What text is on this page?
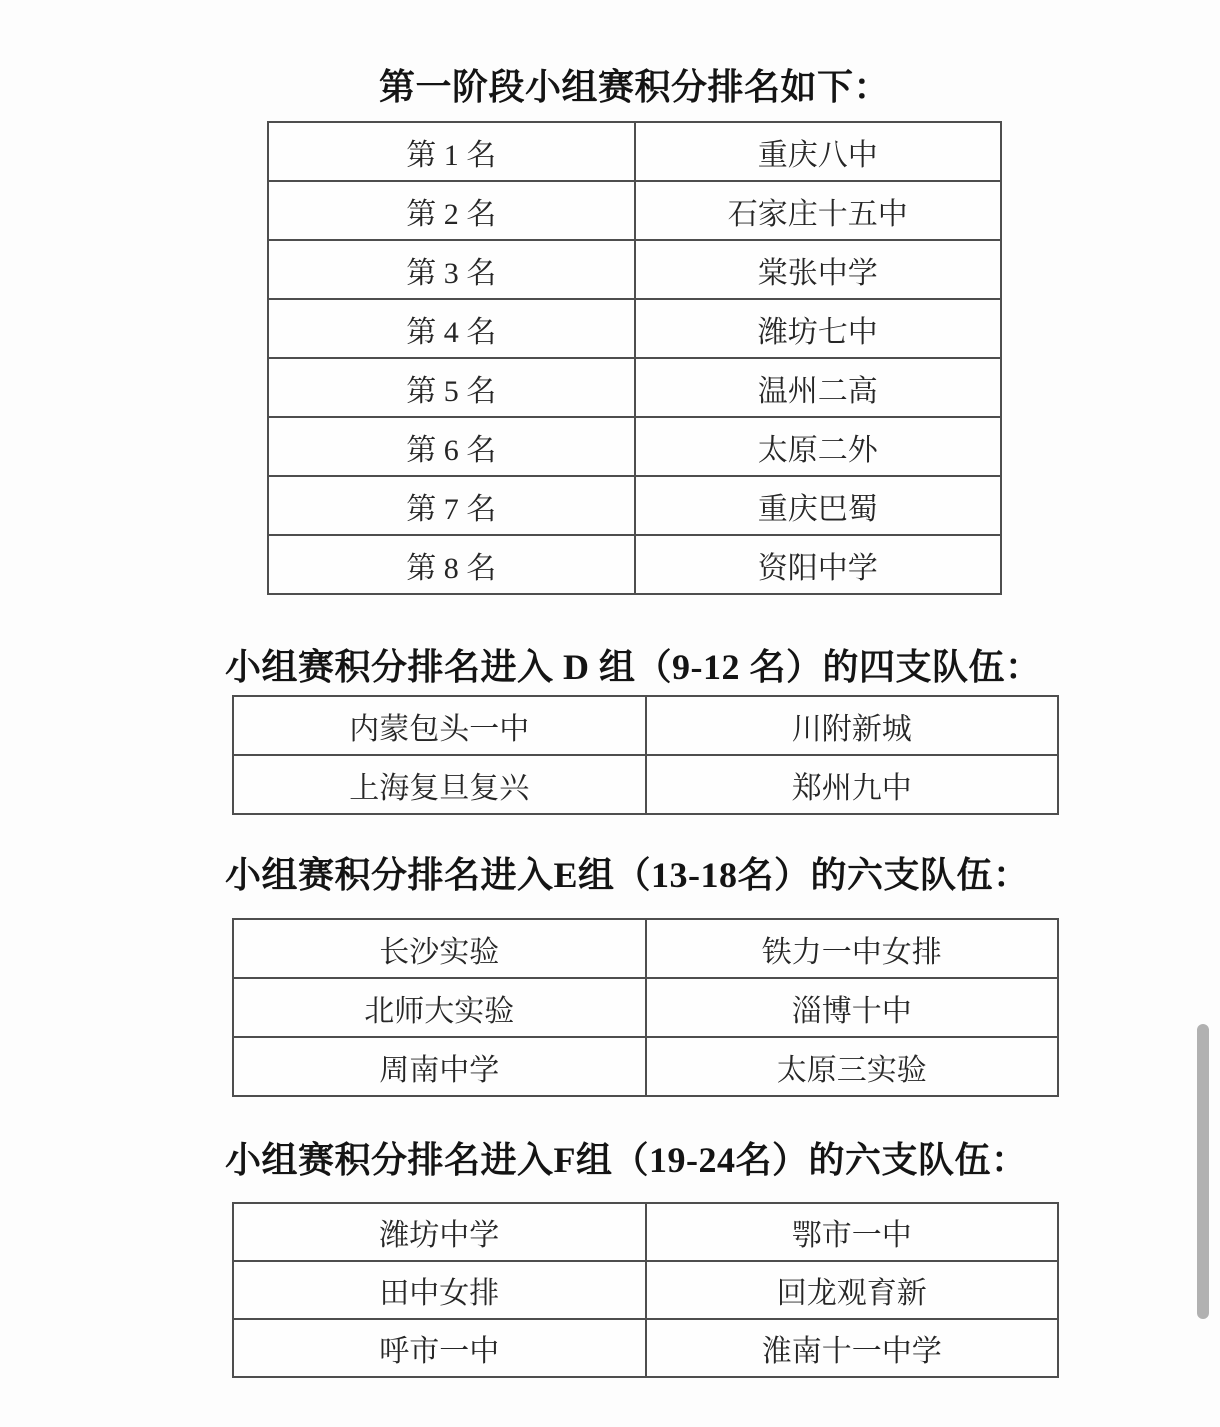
第一阶段小组赛积分排名如下：
第 1 名	重庆八中
第 2 名	石家庄十五中
第 3 名	棠张中学
第 4 名	潍坊七中
第 5 名	温州二高
第 6 名	太原二外
第 7 名	重庆巴蜀
第 8 名	资阳中学
小组赛积分排名进入 D 组（9-12 名）的四支队伍：
内蒙包头一中	川附新城
上海复旦复兴	郑州九中
小组赛积分排名进入E组（13-18名）的六支队伍：
长沙实验	铁力一中女排
北师大实验	淄博十中
周南中学	太原三实验
小组赛积分排名进入F组（19-24名）的六支队伍：
潍坊中学	鄂市一中
田中女排	回龙观育新
呼市一中	淮南十一中学
